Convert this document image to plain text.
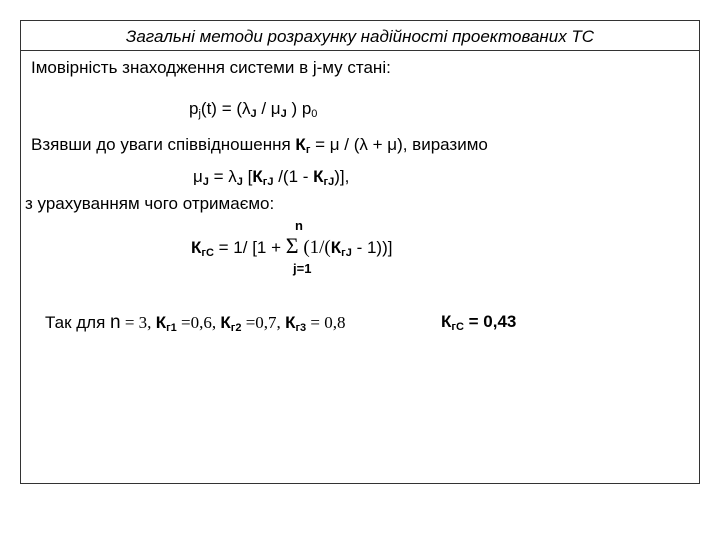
Загальні методи розрахунку надійності проектованих ТС
Імовірність знаходження системи в j-му стані:
$p_j(t) = (\lambda_J / \mu_J$ ) $p_0$
Взявши до уваги співвідношення $К_г = \mu / (\lambda + \mu)$, виразимо
$\mu_J = \lambda_J$ [$К_{гJ}$ $/(1 - К_{гJ})$],
з урахуванням чого отримаємо:
n
$К_{гС} = 1/$ [1 + Σ $(1/(К_{гJ} - 1))$]
j=1
Так для n = 3, $К_{г1} =0,6$, $К_{г2} =0,7$, $К_{г3} = 0,8$	$К_{гС} = 0,43$
